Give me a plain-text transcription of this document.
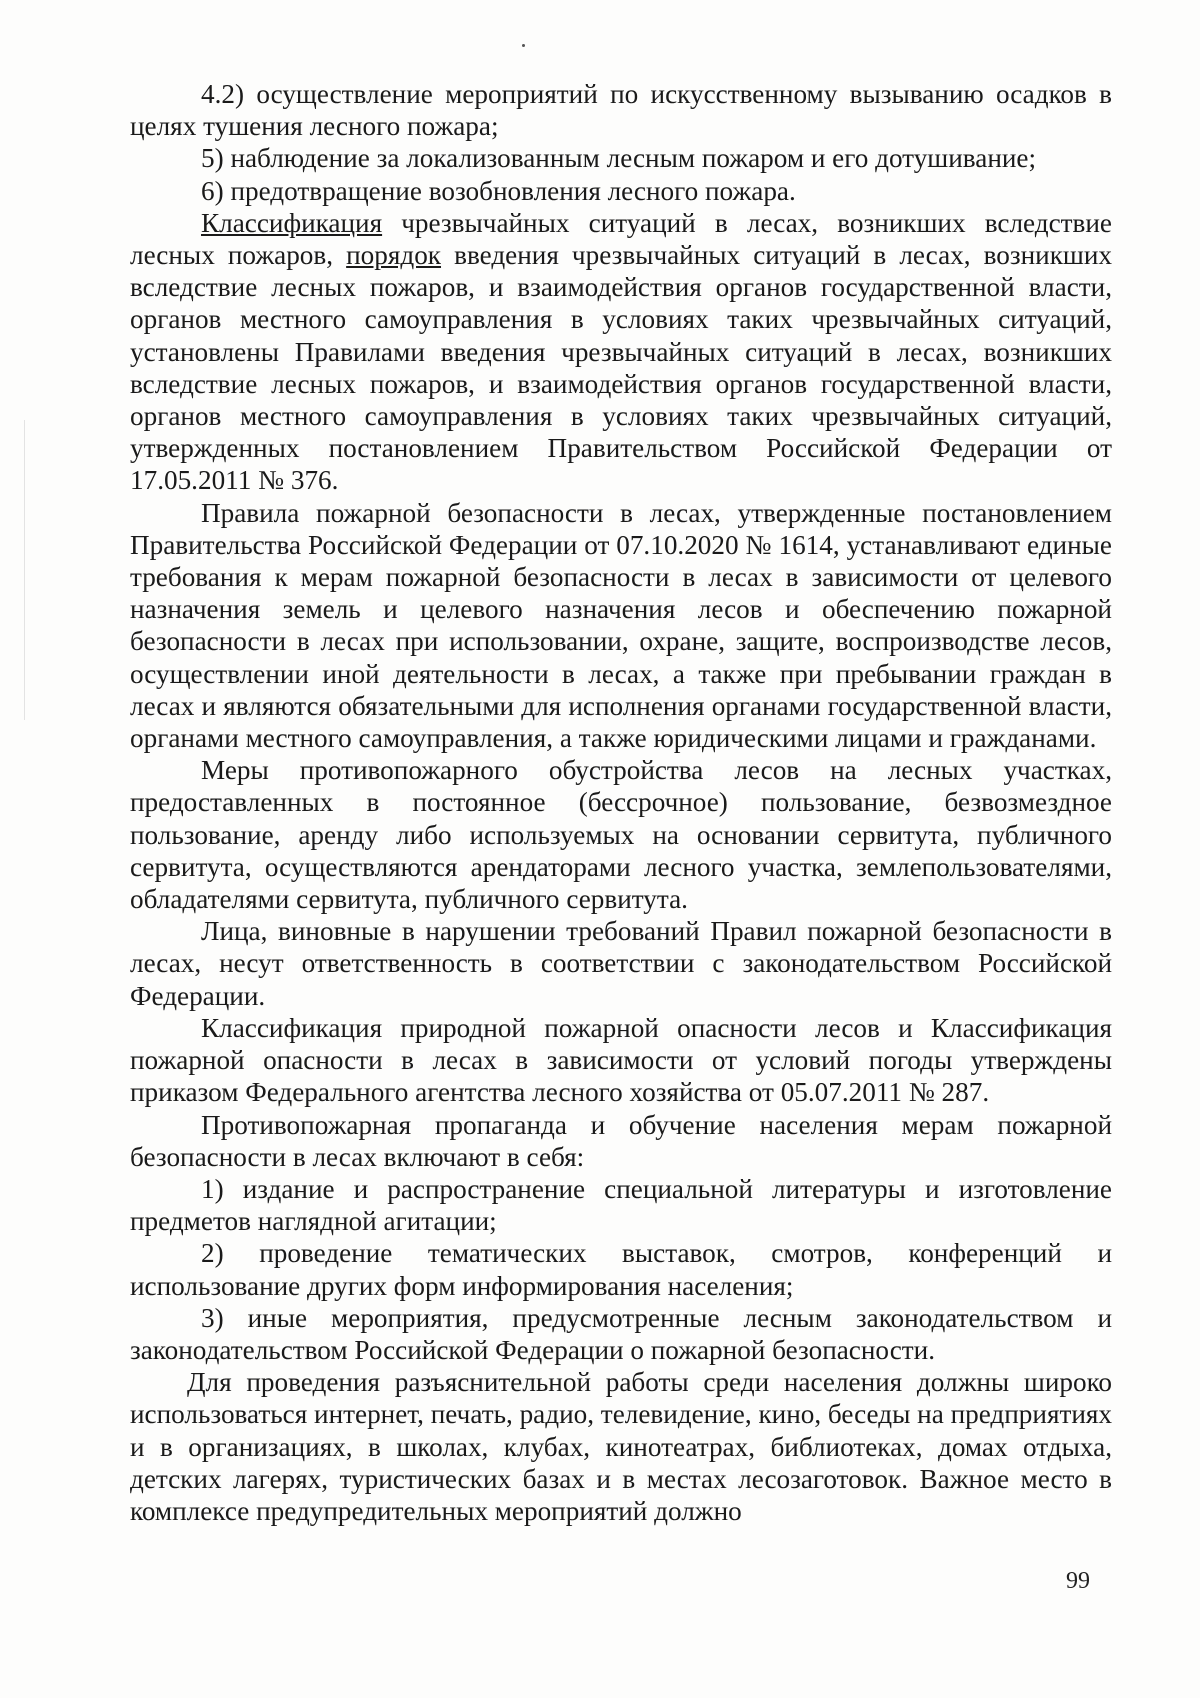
4.2) осуществление мероприятий по искусственному вызыванию осадков в целях тушения лесного пожара;

5) наблюдение за локализованным лесным пожаром и его дотушивание;

6) предотвращение возобновления лесного пожара.

Классификация чрезвычайных ситуаций в лесах, возникших вследствие лесных пожаров, порядок введения чрезвычайных ситуаций в лесах, возникших вследствие лесных пожаров, и взаимодействия органов государственной власти, органов местного самоуправления в условиях таких чрезвычайных ситуаций, установлены Правилами введения чрезвычайных ситуаций в лесах, возникших вследствие лесных пожаров, и взаимодействия органов государственной власти, органов местного самоуправления в условиях таких чрезвычайных ситуаций, утвержденных постановлением Правительством Российской Федерации от 17.05.2011 № 376.

Правила пожарной безопасности в лесах, утвержденные постановлением Правительства Российской Федерации от 07.10.2020 № 1614, устанавливают единые требования к мерам пожарной безопасности в лесах в зависимости от целевого назначения земель и целевого назначения лесов и обеспечению пожарной безопасности в лесах при использовании, охране, защите, воспроизводстве лесов, осуществлении иной деятельности в лесах, а также при пребывании граждан в лесах и являются обязательными для исполнения органами государственной власти, органами местного самоуправления, а также юридическими лицами и гражданами.

Меры противопожарного обустройства лесов на лесных участках, предоставленных в постоянное (бессрочное) пользование, безвозмездное пользование, аренду либо используемых на основании сервитута, публичного сервитута, осуществляются арендаторами лесного участка, землепользователями, обладателями сервитута, публичного сервитута.

Лица, виновные в нарушении требований Правил пожарной безопасности в лесах, несут ответственность в соответствии с законодательством Российской Федерации.

Классификация природной пожарной опасности лесов и Классификация пожарной опасности в лесах в зависимости от условий погоды утверждены приказом Федерального агентства лесного хозяйства от 05.07.2011 № 287.

Противопожарная пропаганда и обучение населения мерам пожарной безопасности в лесах включают в себя:

1) издание и распространение специальной литературы и изготовление предметов наглядной агитации;

2) проведение тематических выставок, смотров, конференций и использование других форм информирования населения;

3) иные мероприятия, предусмотренные лесным законодательством и законодательством Российской Федерации о пожарной безопасности.

Для проведения разъяснительной работы среди населения должны широко использоваться интернет, печать, радио, телевидение, кино, беседы на предприятиях и в организациях, в школах, клубах, кинотеатрах, библиотеках, домах отдыха, детских лагерях, туристических базах и в местах лесозаготовок. Важное место в комплексе предупредительных мероприятий должно

99
